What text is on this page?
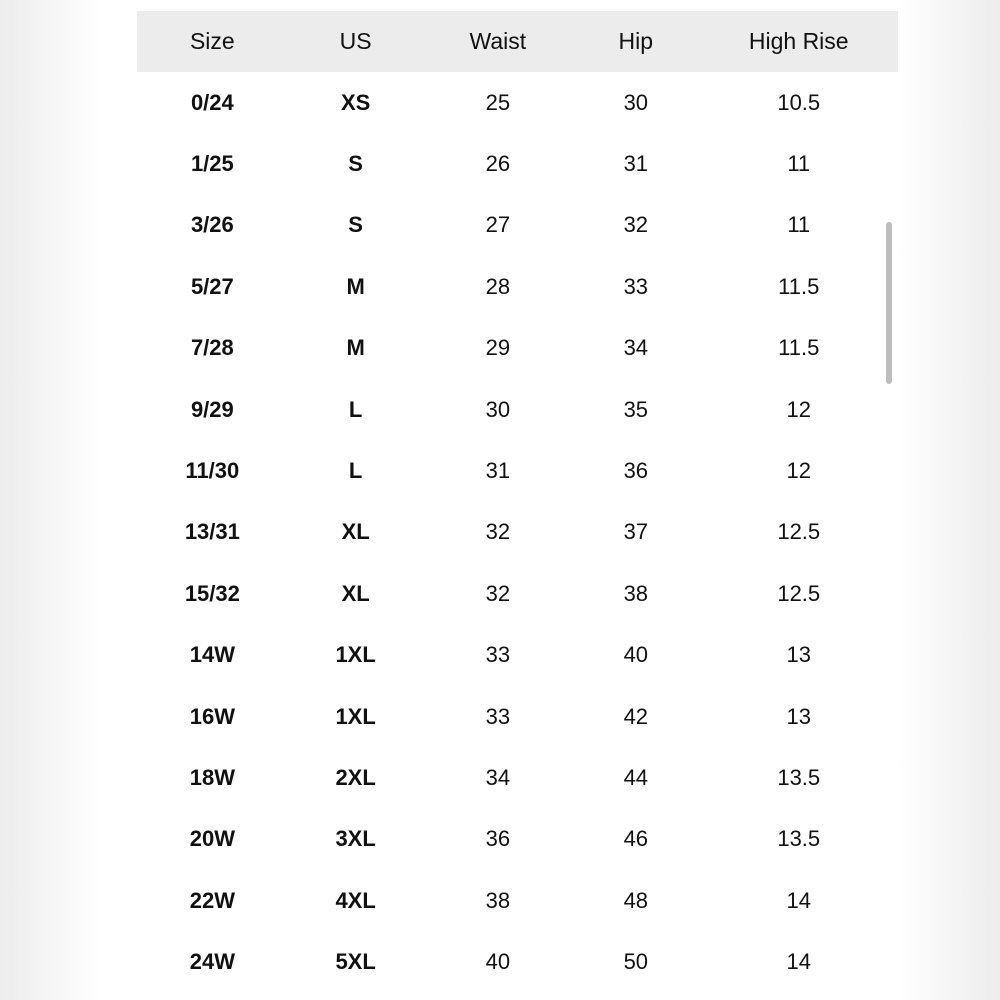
Size	US	Waist	Hip	High Rise
0/24	XS	25	30	10.5
1/25	S	26	31	11
3/26	S	27	32	11
5/27	M	28	33	11.5
7/28	M	29	34	11.5
9/29	L	30	35	12
11/30	L	31	36	12
13/31	XL	32	37	12.5
15/32	XL	32	38	12.5
14W	1XL	33	40	13
16W	1XL	33	42	13
18W	2XL	34	44	13.5
20W	3XL	36	46	13.5
22W	4XL	38	48	14
24W	5XL	40	50	14
